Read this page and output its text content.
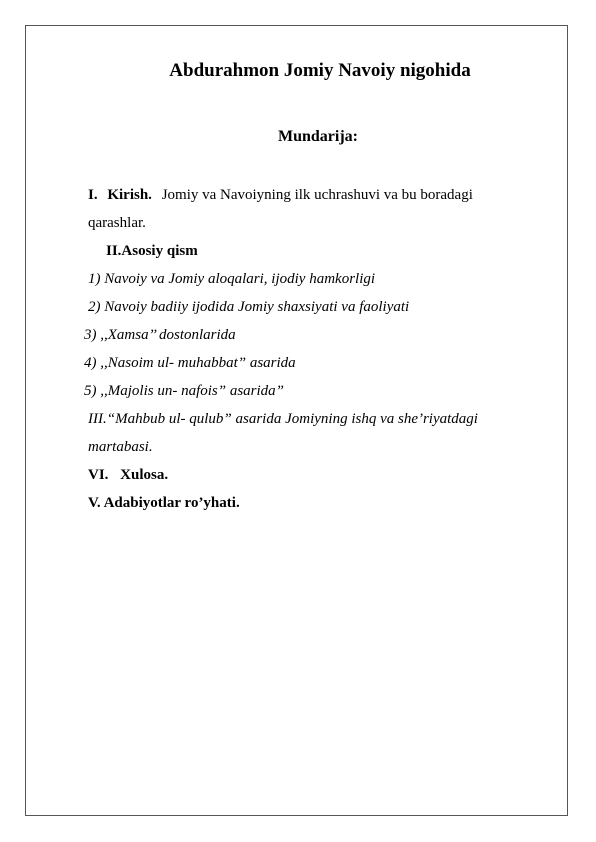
Abdurahmon Jomiy Navoiy nigohida
Mundarija:
I. Kirish. Jomiy va Navoiyning ilk uchrashuvi va bu boradagi
qarashlar.
II.Asosiy qism
1) Navoiy va Jomiy aloqalari, ijodiy hamkorligi
2) Navoiy badiiy ijodida Jomiy shaxsiyati va faoliyati
3) ,,Xamsa’’ dostonlarida
4) ,,Nasoim ul- muhabbat” asarida
5) ,,Majolis un- nafois” asarida”
III.“Mahbub ul- qulub” asarida Jomiyning ishq va she’riyatdagi
martabasi.
VI. Xulosa.
V. Adabiyotlar ro’yhati.
